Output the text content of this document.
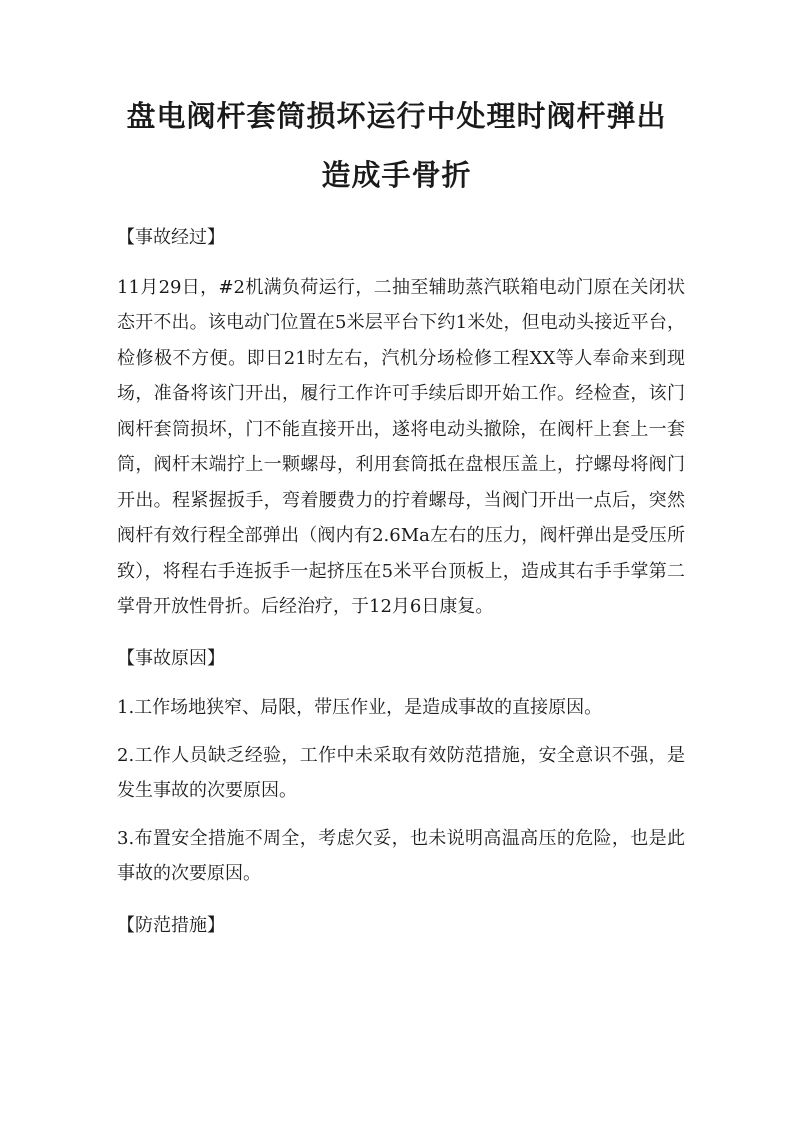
盘电阀杆套筒损坏运行中处理时阀杆弹出
造成手骨折

【事故经过】

11月29日，#2机满负荷运行，二抽至辅助蒸汽联箱电动门原在关闭状态开不出。该电动门位置在5米层平台下约1米处，但电动头接近平台，检修极不方便。即日21时左右，汽机分场检修工程XX等人奉命来到现场，准备将该门开出，履行工作许可手续后即开始工作。经检查，该门阀杆套筒损坏，门不能直接开出，遂将电动头撤除，在阀杆上套上一套筒，阀杆末端拧上一颗螺母，利用套筒抵在盘根压盖上，拧螺母将阀门开出。程紧握扳手，弯着腰费力的拧着螺母，当阀门开出一点后，突然阀杆有效行程全部弹出（阀内有2.6Ma左右的压力，阀杆弹出是受压所致），将程右手连扳手一起挤压在5米平台顶板上，造成其右手手掌第二掌骨开放性骨折。后经治疗，于12月6日康复。

【事故原因】

1.工作场地狭窄、局限，带压作业，是造成事故的直接原因。

2.工作人员缺乏经验，工作中未采取有效防范措施，安全意识不强，是发生事故的次要原因。

3.布置安全措施不周全，考虑欠妥，也未说明高温高压的危险，也是此事故的次要原因。

【防范措施】
